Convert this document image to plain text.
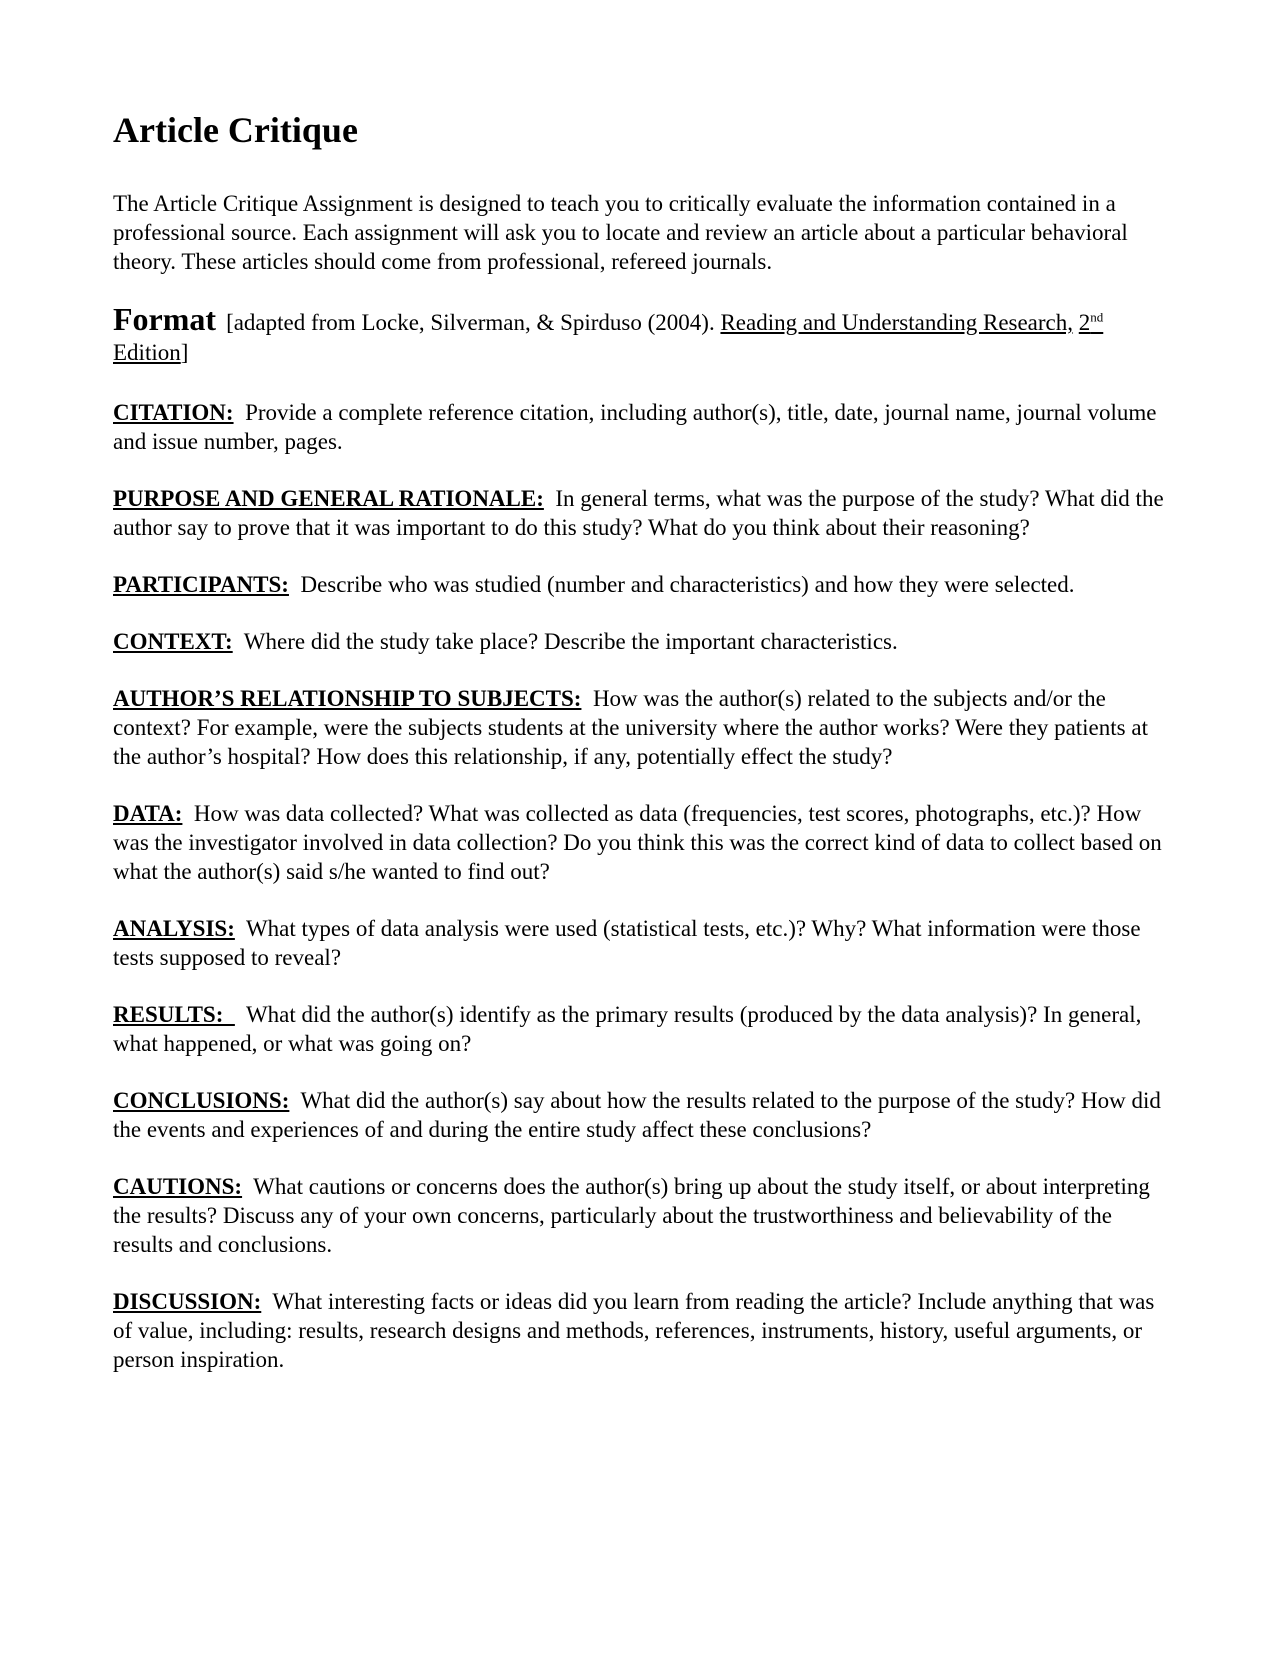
Article Critique

The Article Critique Assignment is designed to teach you to critically evaluate the information contained in a professional source. Each assignment will ask you to locate and review an article about a particular behavioral theory. These articles should come from professional, refereed journals.

Format [adapted from Locke, Silverman, & Spirduso (2004). Reading and Understanding Research, 2nd Edition]

CITATION: Provide a complete reference citation, including author(s), title, date, journal name, journal volume and issue number, pages.

PURPOSE AND GENERAL RATIONALE: In general terms, what was the purpose of the study? What did the author say to prove that it was important to do this study? What do you think about their reasoning?

PARTICIPANTS: Describe who was studied (number and characteristics) and how they were selected.

CONTEXT: Where did the study take place? Describe the important characteristics.

AUTHOR’S RELATIONSHIP TO SUBJECTS: How was the author(s) related to the subjects and/or the context? For example, were the subjects students at the university where the author works? Were they patients at the author’s hospital? How does this relationship, if any, potentially effect the study?

DATA: How was data collected? What was collected as data (frequencies, test scores, photographs, etc.)? How was the investigator involved in data collection? Do you think this was the correct kind of data to collect based on what the author(s) said s/he wanted to find out?

ANALYSIS: What types of data analysis were used (statistical tests, etc.)? Why? What information were those tests supposed to reveal?

RESULTS:    What did the author(s) identify as the primary results (produced by the data analysis)? In general, what happened, or what was going on?

CONCLUSIONS: What did the author(s) say about how the results related to the purpose of the study? How did the events and experiences of and during the entire study affect these conclusions?

CAUTIONS: What cautions or concerns does the author(s) bring up about the study itself, or about interpreting the results? Discuss any of your own concerns, particularly about the trustworthiness and believability of the results and conclusions.

DISCUSSION: What interesting facts or ideas did you learn from reading the article? Include anything that was of value, including: results, research designs and methods, references, instruments, history, useful arguments, or person inspiration.
